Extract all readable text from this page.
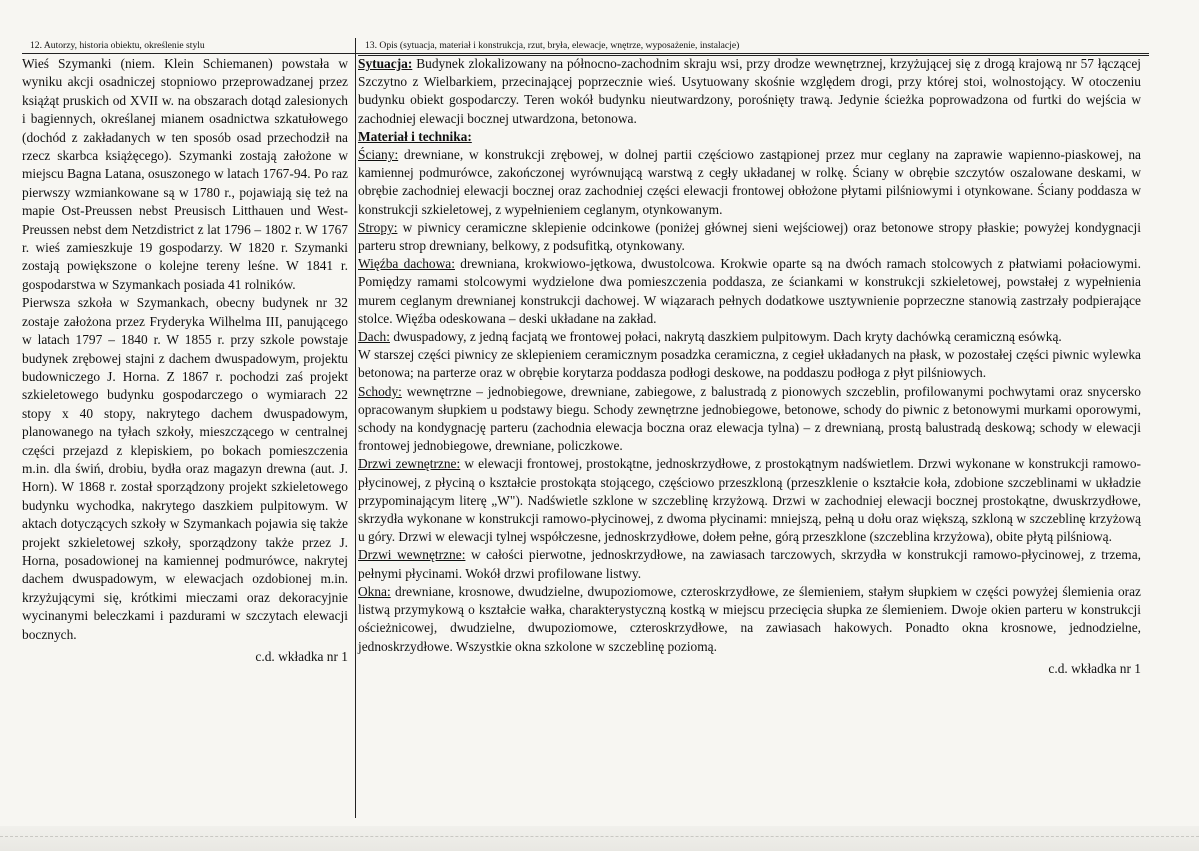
12. Autorzy, historia obiektu, określenie stylu	13. Opis (sytuacja, materiał i konstrukcja, rzut, bryła, elewacje, wnętrze, wyposażenie, instalacje)

Wieś Szymanki (niem. Klein Schiemanen) powstała w wyniku akcji osadniczej stopniowo przeprowadzanej przez książąt pruskich od XVII w. na obszarach dotąd zalesionych i bagiennych, określanej mianem osadnictwa szkatułowego (dochód z zakładanych w ten sposób osad przechodził na rzecz skarbca książęcego). Szymanki zostają założone w miejscu Bagna Latana, osuszonego w latach 1767-94. Po raz pierwszy wzmiankowane są w 1780 r., pojawiają się też na mapie Ost-Preussen nebst Preusisch Litthauen und West-Preussen nebst dem Netzdistrict z lat 1796 – 1802 r. W 1767 r. wieś zamieszkuje 19 gospodarzy. W 1820 r. Szymanki zostają powiększone o kolejne tereny leśne. W 1841 r. gospodarstwa w Szymankach posiada 41 rolników.

Pierwsza szkoła w Szymankach, obecny budynek nr 32 zostaje założona przez Fryderyka Wilhelma III, panującego w latach 1797 – 1840 r. W 1855 r. przy szkole powstaje budynek zrębowej stajni z dachem dwuspadowym, projektu budowniczego J. Horna. Z 1867 r. pochodzi zaś projekt szkieletowego budynku gospodarczego o wymiarach 22 stopy x 40 stopy, nakrytego dachem dwuspadowym, planowanego na tyłach szkoły, mieszczącego w centralnej części przejazd z klepiskiem, po bokach pomieszczenia m.in. dla świń, drobiu, bydła oraz magazyn drewna (aut. J. Horn). W 1868 r. został sporządzony projekt szkieletowego budynku wychodka, nakrytego daszkiem pulpitowym. W aktach dotyczących szkoły w Szymankach pojawia się także projekt szkieletowej szkoły, sporządzony także przez J. Horna, posadowionej na kamiennej podmurówce, nakrytej dachem dwuspadowym, w elewacjach ozdobionej m.in. krzyżującymi się, krótkimi mieczami oraz dekoracyjnie wycinanymi beleczkami i pazdurami w szczytach elewacji bocznych.

c.d. wkładka nr 1

Sytuacja: Budynek zlokalizowany na północno-zachodnim skraju wsi, przy drodze wewnętrznej, krzyżującej się z drogą krajową nr 57 łączącej Szczytno z Wielbarkiem, przecinającej poprzecznie wieś. Usytuowany skośnie względem drogi, przy której stoi, wolnostojący. W otoczeniu budynku obiekt gospodarczy. Teren wokół budynku nieutwardzony, porośnięty trawą. Jedynie ścieżka poprowadzona od furtki do wejścia w zachodniej elewacji bocznej utwardzona, betonowa.

Materiał i technika:

Ściany: drewniane, w konstrukcji zrębowej, w dolnej partii częściowo zastąpionej przez mur ceglany na zaprawie wapienno-piaskowej, na kamiennej podmurówce, zakończonej wyrównującą warstwą z cegły układanej w rolkę. Ściany w obrębie szczytów oszalowane deskami, w obrębie zachodniej elewacji bocznej oraz zachodniej części elewacji frontowej obłożone płytami pilśniowymi i otynkowane. Ściany poddasza w konstrukcji szkieletowej, z wypełnieniem ceglanym, otynkowanym.

Stropy: w piwnicy ceramiczne sklepienie odcinkowe (poniżej głównej sieni wejściowej) oraz betonowe stropy płaskie; powyżej kondygnacji parteru strop drewniany, belkowy, z podsufitką, otynkowany.

Więźba dachowa: drewniana, krokwiowo-jętkowa, dwustolcowa. Krokwie oparte są na dwóch ramach stolcowych z płatwiami połaciowymi. Pomiędzy ramami stolcowymi wydzielone dwa pomieszczenia poddasza, ze ściankami w konstrukcji szkieletowej, powstałej z wypełnienia murem ceglanym drewnianej konstrukcji dachowej. W wiązarach pełnych dodatkowe usztywnienie poprzeczne stanowią zastrzały podpierające stolce. Więźba odeskowana – deski układane na zakład.

Dach: dwuspadowy, z jedną facjatą we frontowej połaci, nakrytą daszkiem pulpitowym. Dach kryty dachówką ceramiczną esówką.

W starszej części piwnicy ze sklepieniem ceramicznym posadzka ceramiczna, z cegieł układanych na płask, w pozostałej części piwnic wylewka betonowa; na parterze oraz w obrębie korytarza poddasza podłogi deskowe, na poddaszu podłoga z płyt pilśniowych.

Schody: wewnętrzne – jednobiegowe, drewniane, zabiegowe, z balustradą z pionowych szczeblin, profilowanymi pochwytami oraz snycersko opracowanym słupkiem u podstawy biegu. Schody zewnętrzne jednobiegowe, betonowe, schody do piwnic z betonowymi murkami oporowymi, schody na kondygnację parteru (zachodnia elewacja boczna oraz elewacja tylna) – z drewnianą, prostą balustradą deskową; schody w elewacji frontowej jednobiegowe, drewniane, policzkowe.

Drzwi zewnętrzne: w elewacji frontowej, prostokątne, jednoskrzydłowe, z prostokątnym nadświetlem. Drzwi wykonane w konstrukcji ramowo-płycinowej, z płyciną o kształcie prostokąta stojącego, częściowo przeszkloną (przeszklenie o kształcie koła, zdobione szczeblinami w układzie przypominającym literę „W"). Nadświetle szklone w szczeblinę krzyżową. Drzwi w zachodniej elewacji bocznej prostokątne, dwuskrzydłowe, skrzydła wykonane w konstrukcji ramowo-płycinowej, z dwoma płycinami: mniejszą, pełną u dołu oraz większą, szkloną w szczeblinę krzyżową u góry. Drzwi w elewacji tylnej współczesne, jednoskrzydłowe, dołem pełne, górą przeszklone (szczeblina krzyżowa), obite płytą pilśniową.

Drzwi wewnętrzne: w całości pierwotne, jednoskrzydłowe, na zawiasach tarczowych, skrzydła w konstrukcji ramowo-płycinowej, z trzema, pełnymi płycinami. Wokół drzwi profilowane listwy.

Okna: drewniane, krosnowe, dwudzielne, dwupoziomowe, czteroskrzydłowe, ze ślemieniem, stałym słupkiem w części powyżej ślemienia oraz listwą przymykową o kształcie wałka, charakterystyczną kostką w miejscu przecięcia słupka ze ślemieniem. Dwoje okien parteru w konstrukcji ościeżnicowej, dwudzielne, dwupoziomowe, czteroskrzydłowe, na zawiasach hakowych. Ponadto okna krosnowe, jednodzielne, jednoskrzydłowe. Wszystkie okna szkolone w szczeblinę poziomą.

c.d. wkładka nr 1
